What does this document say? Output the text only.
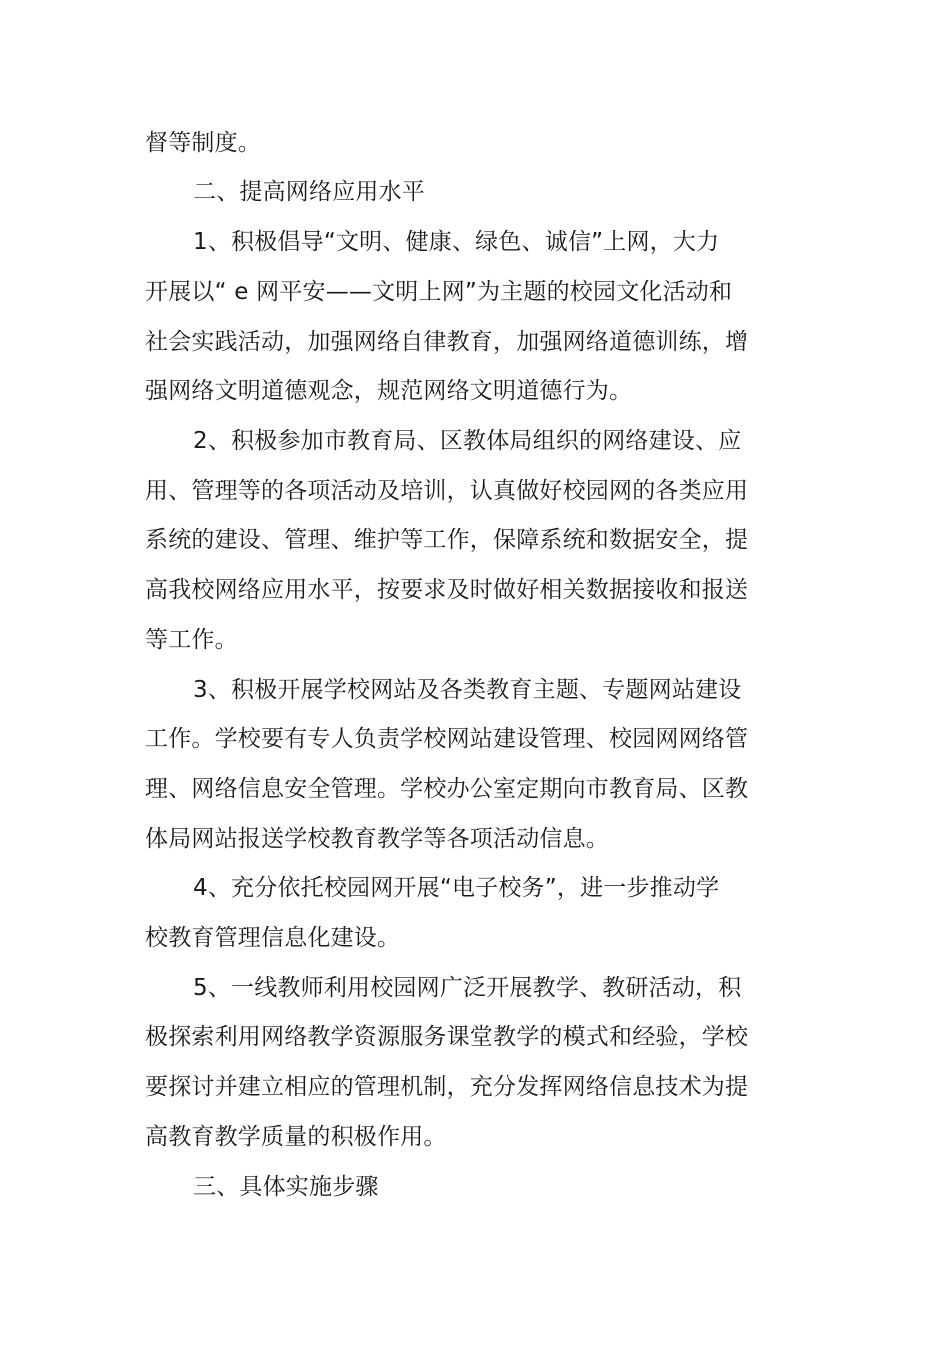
督等制度。
二、提高网络应用水平
1、积极倡导“文明、健康、绿色、诚信”上网，大力
开展以“ e 网平安——文明上网”为主题的校园文化活动和
社会实践活动，加强网络自律教育，加强网络道德训练，增
强网络文明道德观念，规范网络文明道德行为。
2、积极参加市教育局、区教体局组织的网络建设、应
用、管理等的各项活动及培训，认真做好校园网的各类应用
系统的建设、管理、维护等工作，保障系统和数据安全，提
高我校网络应用水平，按要求及时做好相关数据接收和报送
等工作。
3、积极开展学校网站及各类教育主题、专题网站建设
工作。学校要有专人负责学校网站建设管理、校园网网络管
理、网络信息安全管理。学校办公室定期向市教育局、区教
体局网站报送学校教育教学等各项活动信息。
4、充分依托校园网开展“电子校务”，进一步推动学
校教育管理信息化建设。
5、一线教师利用校园网广泛开展教学、教研活动，积
极探索利用网络教学资源服务课堂教学的模式和经验，学校
要探讨并建立相应的管理机制，充分发挥网络信息技术为提
高教育教学质量的积极作用。
三、具体实施步骤
